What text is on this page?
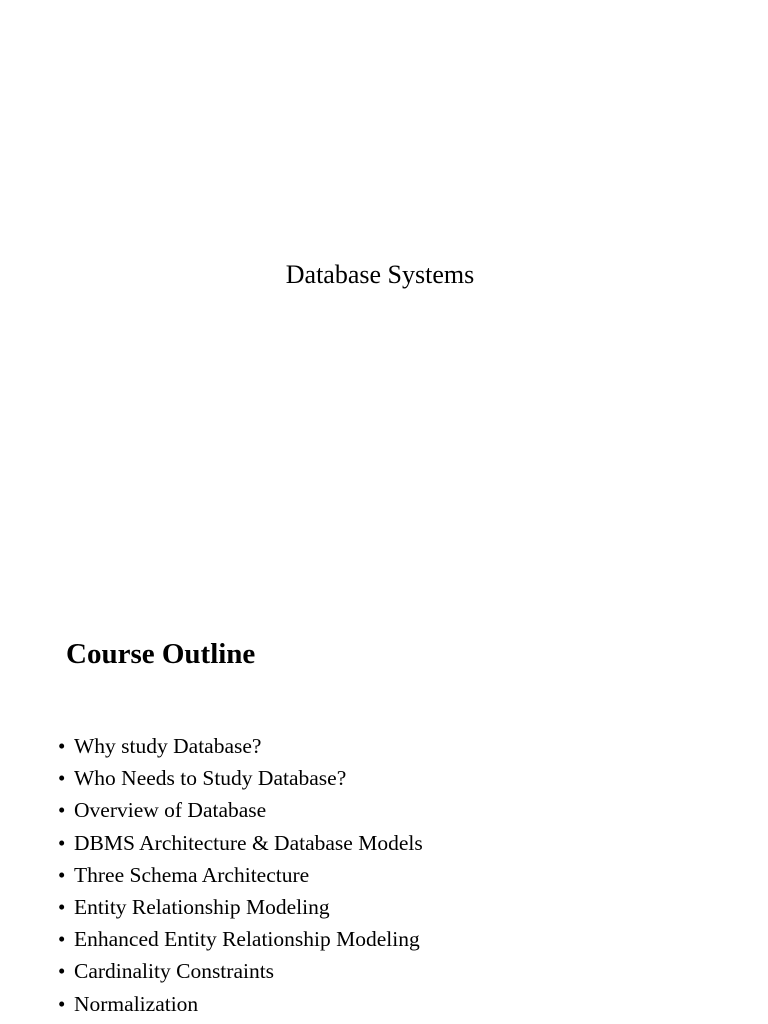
Database Systems
Course Outline
• Why study Database?
• Who Needs to Study Database?
• Overview of Database
• DBMS Architecture & Database Models
• Three Schema Architecture
• Entity Relationship Modeling
• Enhanced Entity Relationship Modeling
• Cardinality Constraints
• Normalization
